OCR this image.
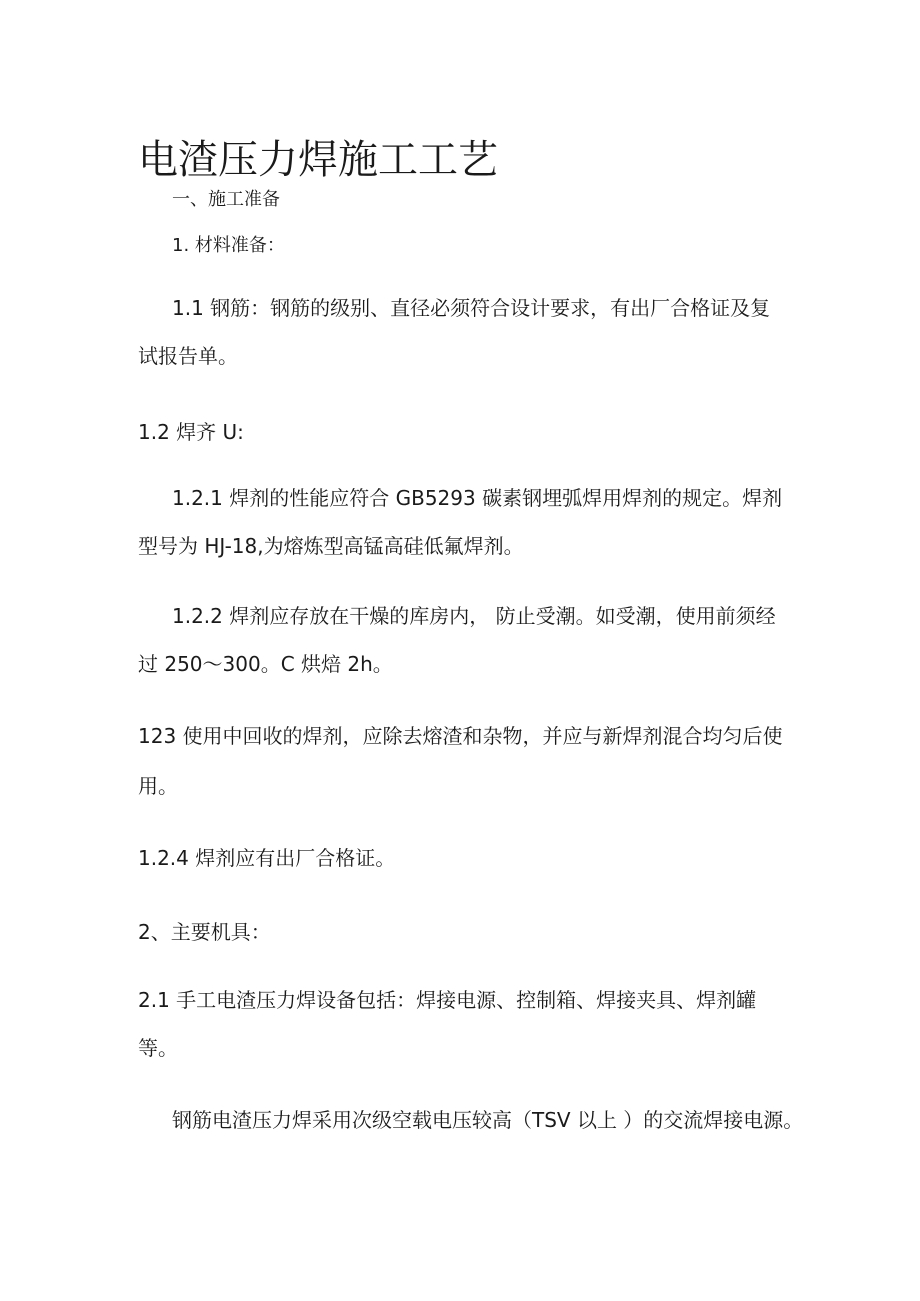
电渣压力焊施工工艺
一、施工准备
1. 材料准备：
1.1 钢筋：钢筋的级别、直径必须符合设计要求，有出厂合格证及复
试报告单。
1.2 焊齐 U:
1.2.1 焊剂的性能应符合 GB5293 碳素钢埋弧焊用焊剂的规定。焊剂
型号为 HJ-18,为熔炼型高锰高硅低氟焊剂。
1.2.2 焊剂应存放在干燥的库房内， 防止受潮。如受潮，使用前须经
过 250～300。C 烘焙 2h。
123 使用中回收的焊剂，应除去熔渣和杂物，并应与新焊剂混合均匀后使
用。
1.2.4 焊剂应有出厂合格证。
2、主要机具：
2.1 手工电渣压力焊设备包括：焊接电源、控制箱、焊接夹具、焊剂罐
等。
钢筋电渣压力焊采用次级空载电压较高（TSV 以上 ）的交流焊接电源。
